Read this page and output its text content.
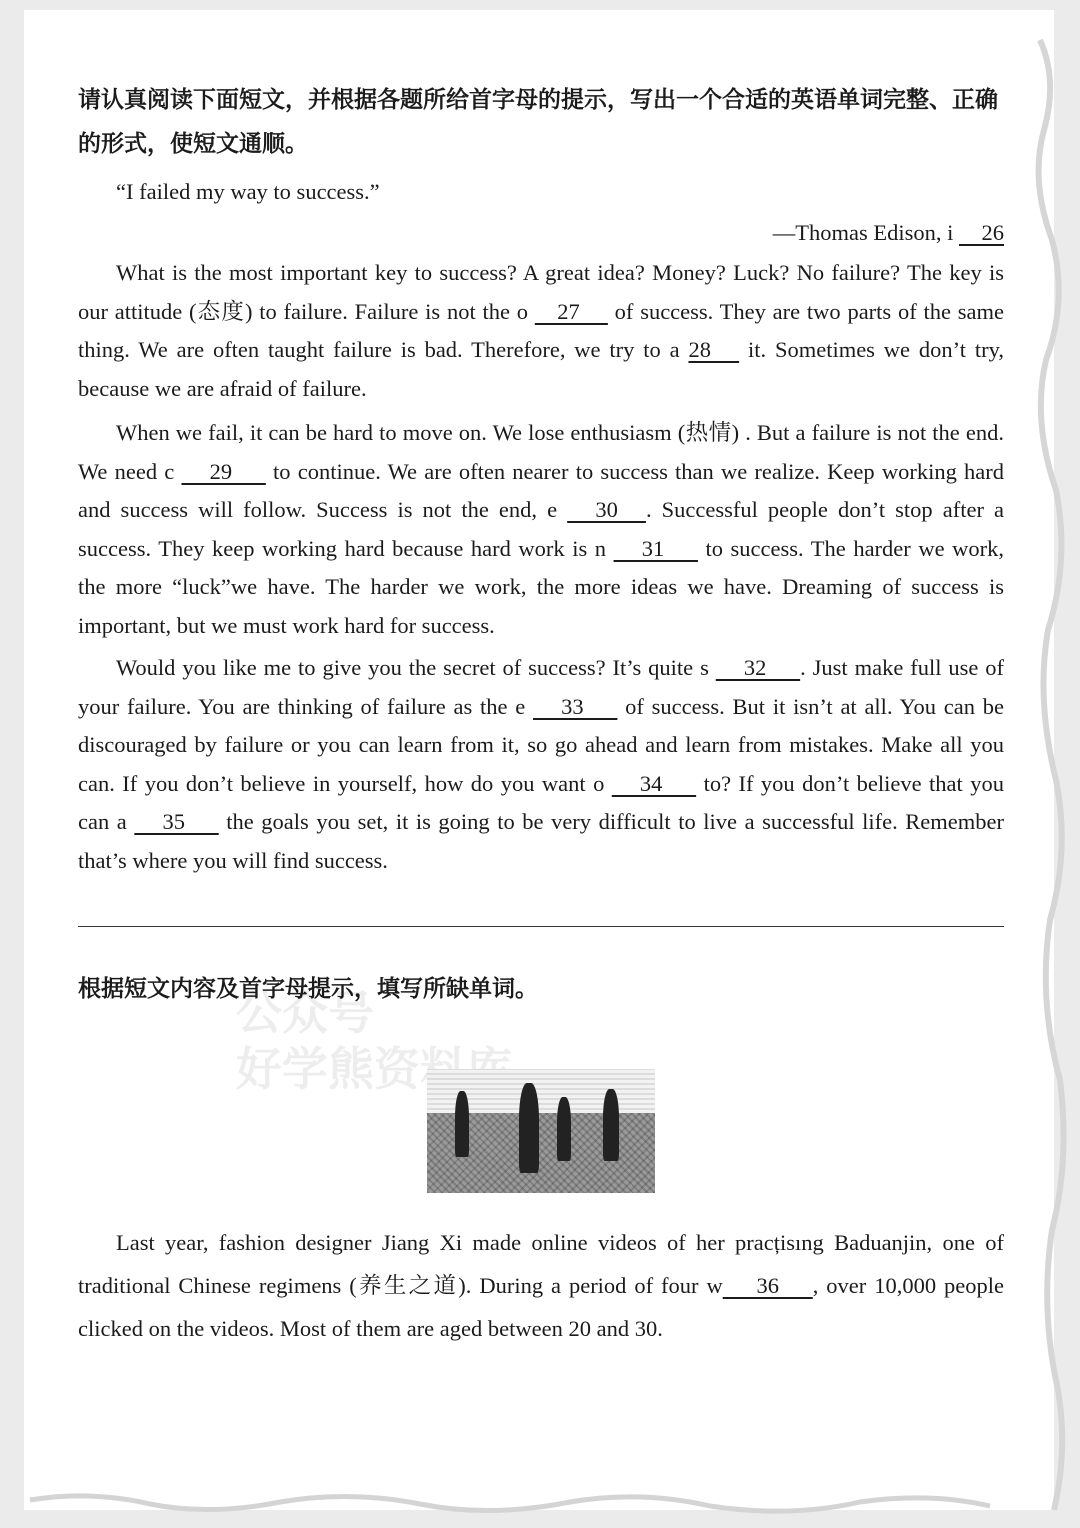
请认真阅读下面短文，并根据各题所给首字母的提示，写出一个合适的英语单词完整、正确的形式，使短文通顺。

“I failed my way to success.”

—Thomas Edison, i     26

What is the most important key to success? A great idea? Money? Luck? No failure? The key is our attitude (态度) to failure. Failure is not the o     27      of success. They are two parts of the same thing. We are often taught failure is bad. Therefore, we try to a 28      it. Sometimes we don’t try, because we are afraid of failure.

When we fail, it can be hard to move on. We lose enthusiasm (热情) . But a failure is not the end. We need c      29       to continue. We are often nearer to success than we realize. Keep working hard and success will follow. Success is not the end, e      30     . Successful people don’t stop after a success. They keep working hard because hard work is n      31       to success. The harder we work, the more “luck”we have. The harder we work, the more ideas we have. Dreaming of success is important, but we must work hard for success.

Would you like me to give you the secret of success? It’s quite s      32      . Just make full use of your failure. You are thinking of failure as the e      33       of success. But it isn’t at all. You can be discouraged by failure or you can learn from it, so go ahead and learn from mistakes. Make all you can. If you don’t believe in yourself, how do you want o      34       to? If you don’t believe that you can a      35       the goals you set, it is going to be very difficult to live a successful life. Remember that’s where you will find success.

根据短文内容及首字母提示，填写所缺单词。

Last year, fashion designer Jiang Xi made online videos of her pracțisıng Baduanjin, one of traditional Chinese regimens (养生之道). During a period of four w      36      , over 10,000 people clicked on the videos. Most of them are aged between 20 and 30.
